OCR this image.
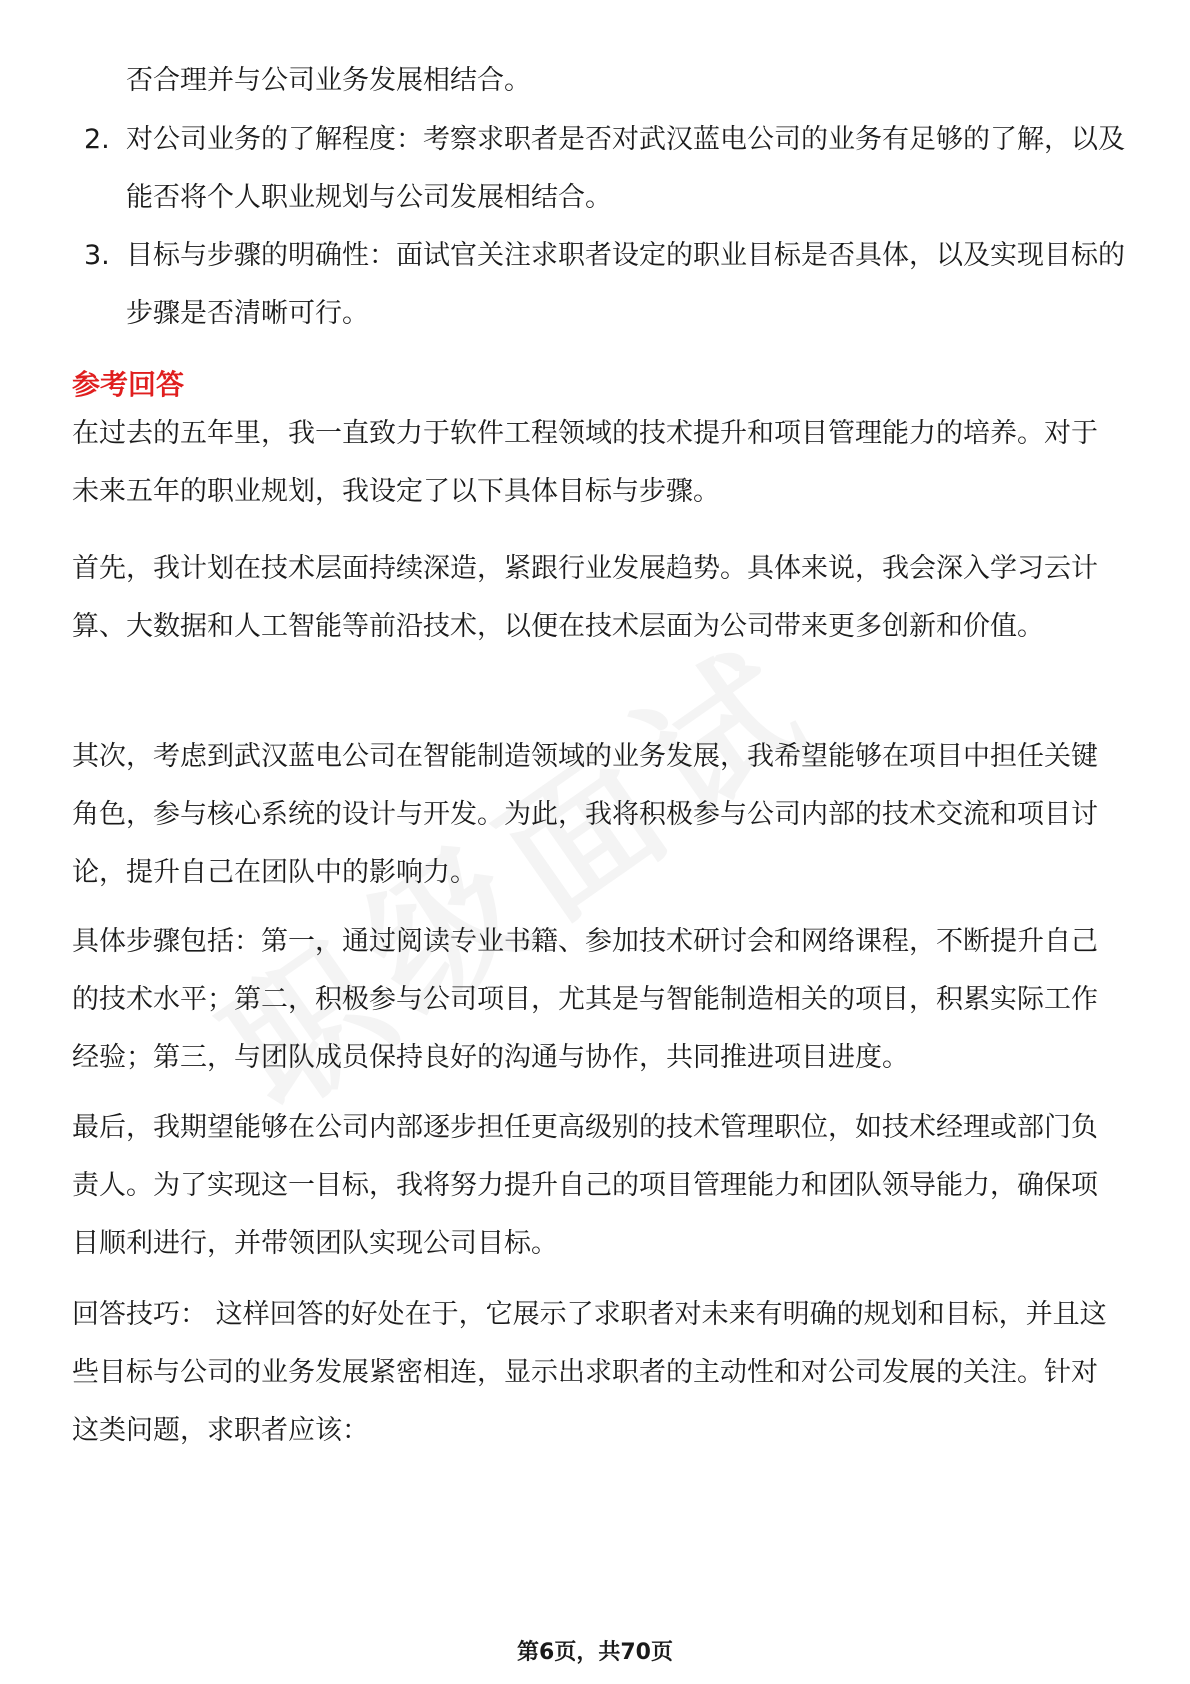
否合理并与公司业务发展相结合。
2. 对公司业务的了解程度：考察求职者是否对武汉蓝电公司的业务有足够的了解，以及能否将个人职业规划与公司发展相结合。
3. 目标与步骤的明确性：面试官关注求职者设定的职业目标是否具体，以及实现目标的步骤是否清晰可行。
参考回答

在过去的五年里，我一直致力于软件工程领域的技术提升和项目管理能力的培养。对于未来五年的职业规划，我设定了以下具体目标与步骤。

首先，我计划在技术层面持续深造，紧跟行业发展趋势。具体来说，我会深入学习云计算、大数据和人工智能等前沿技术，以便在技术层面为公司带来更多创新和价值。

其次，考虑到武汉蓝电公司在智能制造领域的业务发展，我希望能够在项目中担任关键角色，参与核心系统的设计与开发。为此，我将积极参与公司内部的技术交流和项目讨论，提升自己在团队中的影响力。

具体步骤包括：第一，通过阅读专业书籍、参加技术研讨会和网络课程，不断提升自己的技术水平；第二，积极参与公司项目，尤其是与智能制造相关的项目，积累实际工作经验；第三，与团队成员保持良好的沟通与协作，共同推进项目进度。

最后，我期望能够在公司内部逐步担任更高级别的技术管理职位，如技术经理或部门负责人。为了实现这一目标，我将努力提升自己的项目管理能力和团队领导能力，确保项目顺利进行，并带领团队实现公司目标。

回答技巧： 这样回答的好处在于，它展示了求职者对未来有明确的规划和目标，并且这些目标与公司的业务发展紧密相连，显示出求职者的主动性和对公司发展的关注。针对这类问题，求职者应该：

第6页，共70页
